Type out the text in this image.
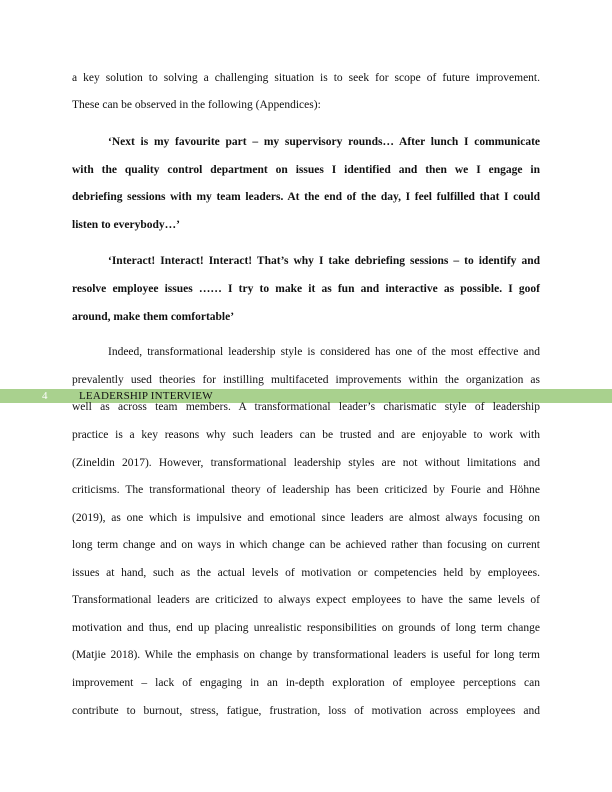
a key solution to solving a challenging situation is to seek for scope of future improvement.
These can be observed in the following (Appendices):
‘Next is my favourite part – my supervisory rounds… After lunch I communicate
with the quality control department on issues I identified and then we I engage in
debriefing sessions with my team leaders. At the end of the day, I feel fulfilled that I could
listen to everybody…’
‘Interact! Interact! Interact! That’s why I take debriefing sessions – to identify and
resolve employee issues …… I try to make it as fun and interactive as possible. I goof
around, make them comfortable’
Indeed, transformational leadership style is considered has one of the most effective and
prevalently used theories for instilling multifaceted improvements within the organization as
4
well as across team members. A transformational leader’s charismatic style of leadership
LEADERSHIP INTERVIEW
practice is a key reasons why such leaders can be trusted and are enjoyable to work with
(Zineldin 2017). However, transformational leadership styles are not without limitations and
criticisms. The transformational theory of leadership has been criticized by Fourie and Höhne
(2019), as one which is impulsive and emotional since leaders are almost always focusing on
long term change and on ways in which change can be achieved rather than focusing on current
issues at hand, such as the actual levels of motivation or competencies held by employees.
Transformational leaders are criticized to always expect employees to have the same levels of
motivation and thus, end up placing unrealistic responsibilities on grounds of long term change
(Matjie 2018). While the emphasis on change by transformational leaders is useful for long term
improvement – lack of engaging in an in-depth exploration of employee perceptions can
contribute to burnout, stress, fatigue, frustration, loss of motivation across employees and
